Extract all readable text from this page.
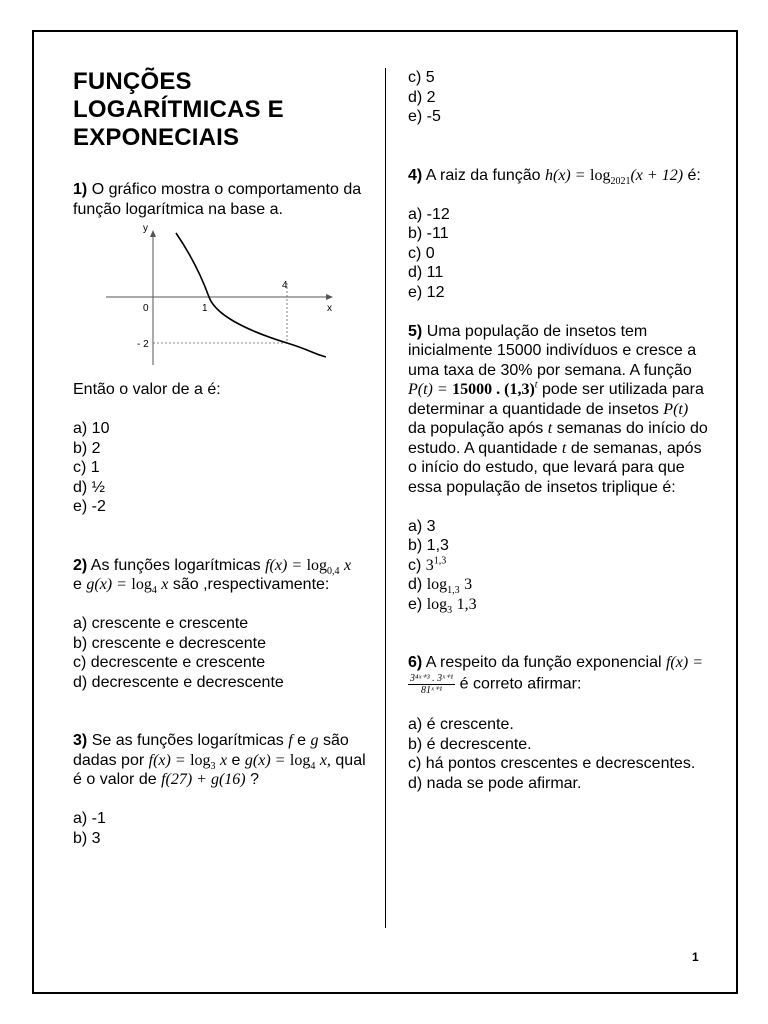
FUNÇÕES
LOGARÍTMICAS E
EXPONECIAIS
1) O gráfico mostra o comportamento da função logarítmica na base a.
y
x
0	1
4
- 2
Então o valor de a é:
a) 10
b) 2
c) 1
d) ½
e) -2
2) As funções logarítmicas $f(x) = \log_{0,4} x$  e $g(x) = \log_4 x$ são ,respectivamente:
a) crescente e crescente
b) crescente e decrescente
c) decrescente e crescente
d) decrescente e decrescente
3) Se as funções logarítmicas f e g são dadas por $f(x) = \log_3 x$ e $g(x) = \log_4 x$, qual é o valor de f(27) + g(16) ?
a) -1
b) 3
c) 5
d) 2
e) -5
4) A raiz da função $h(x) = \log_{2021}(x + 12)$ é:
a) -12
b) -11
c) 0
d) 11
e) 12
5) Uma população de insetos tem inicialmente 15000 indivíduos e cresce a uma taxa de 30% por semana. A função P(t) = 15000 . $(1,3)^t$ pode ser utilizada para determinar a quantidade de insetos P(t) da população após t semanas do início do estudo. A quantidade t de semanas, após o início do estudo, que levará para que essa população de insetos triplique é:
a) 3
b) 1,3
c) 3$^{1,3}$
d) $\log_{1,3} 3$
e) $\log_3 1,3$
6) A respeito da função exponencial f(x) =
$\frac{\text{3⁴ˣ⁺³ . 3ˣ⁺¹}}{\text{81ˣ⁺¹}}$ é correto afirmar:
a) é crescente.
b) é decrescente.
c) há pontos crescentes e decrescentes.
d) nada se pode afirmar.
1
